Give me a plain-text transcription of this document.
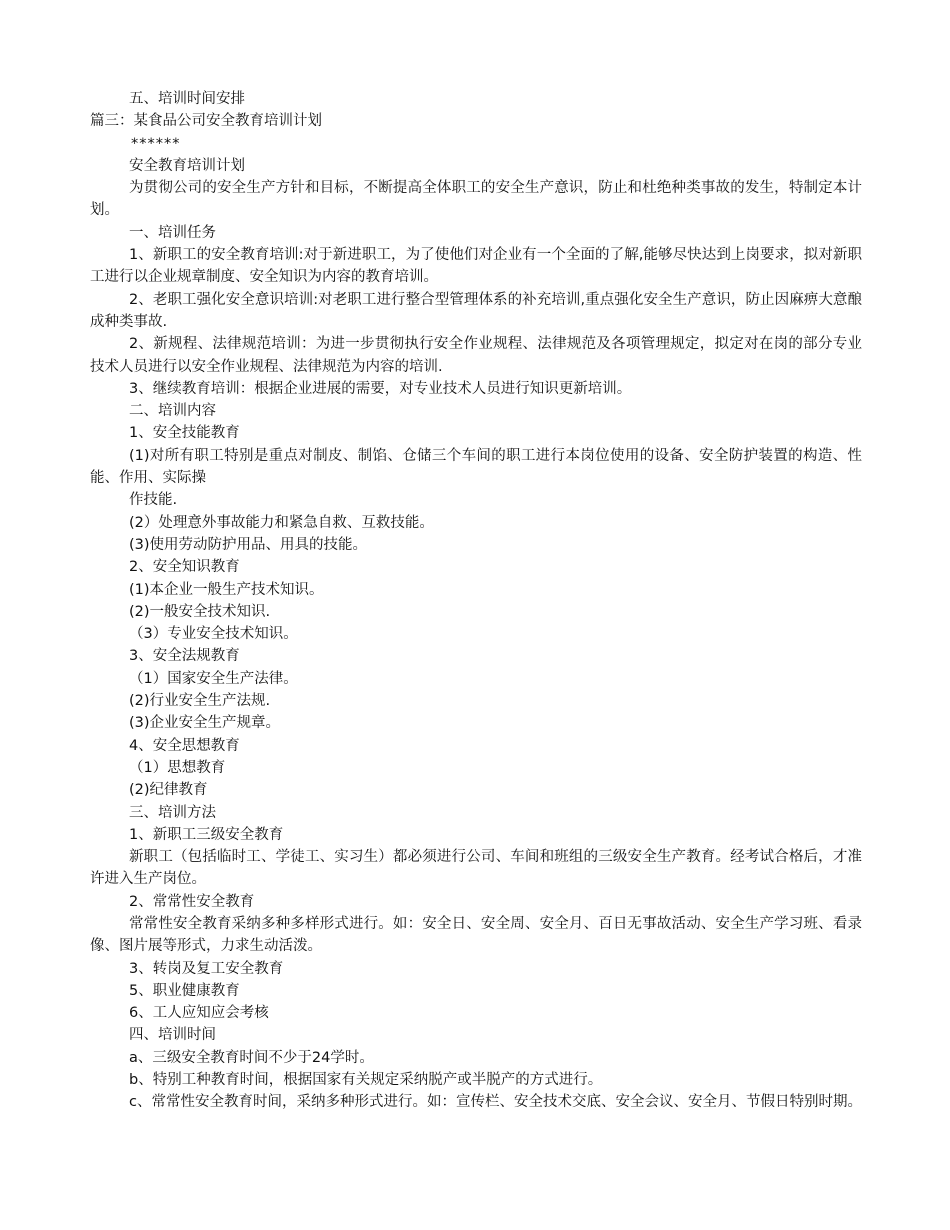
五、培训时间安排

篇三：某食品公司安全教育培训计划

******

安全教育培训计划

为贯彻公司的安全生产方针和目标，不断提高全体职工的安全生产意识，防止和杜绝种类事故的发生，特制定本计划。

一、培训任务

1、新职工的安全教育培训:对于新进职工，为了使他们对企业有一个全面的了解,能够尽快达到上岗要求，拟对新职工进行以企业规章制度、安全知识为内容的教育培训。

2、老职工强化安全意识培训:对老职工进行整合型管理体系的补充培训,重点强化安全生产意识，防止因麻痹大意酿成种类事故.

2、新规程、法律规范培训：为进一步贯彻执行安全作业规程、法律规范及各项管理规定，拟定对在岗的部分专业技术人员进行以安全作业规程、法律规范为内容的培训.

3、继续教育培训：根据企业进展的需要，对专业技术人员进行知识更新培训。

二、培训内容

1、安全技能教育

(1)对所有职工特别是重点对制皮、制馅、仓储三个车间的职工进行本岗位使用的设备、安全防护装置的构造、性能、作用、实际操

作技能.

(2）处理意外事故能力和紧急自救、互救技能。

(3)使用劳动防护用品、用具的技能。

2、安全知识教育

(1)本企业一般生产技术知识。

(2)一般安全技术知识.

（3）专业安全技术知识。

3、安全法规教育

（1）国家安全生产法律。

(2)行业安全生产法规.

(3)企业安全生产规章。

4、安全思想教育

（1）思想教育

(2)纪律教育

三、培训方法

1、新职工三级安全教育

新职工（包括临时工、学徒工、实习生）都必须进行公司、车间和班组的三级安全生产教育。经考试合格后，才准许进入生产岗位。

2、常常性安全教育

常常性安全教育采纳多种多样形式进行。如：安全日、安全周、安全月、百日无事故活动、安全生产学习班、看录像、图片展等形式，力求生动活泼。

3、转岗及复工安全教育

5、职业健康教育

6、工人应知应会考核

四、培训时间

a、三级安全教育时间不少于24学时。

b、特别工种教育时间，根据国家有关规定采纳脱产或半脱产的方式进行。

c、常常性安全教育时间，采纳多种形式进行。如：宣传栏、安全技术交底、安全会议、安全月、节假日特别时期。
